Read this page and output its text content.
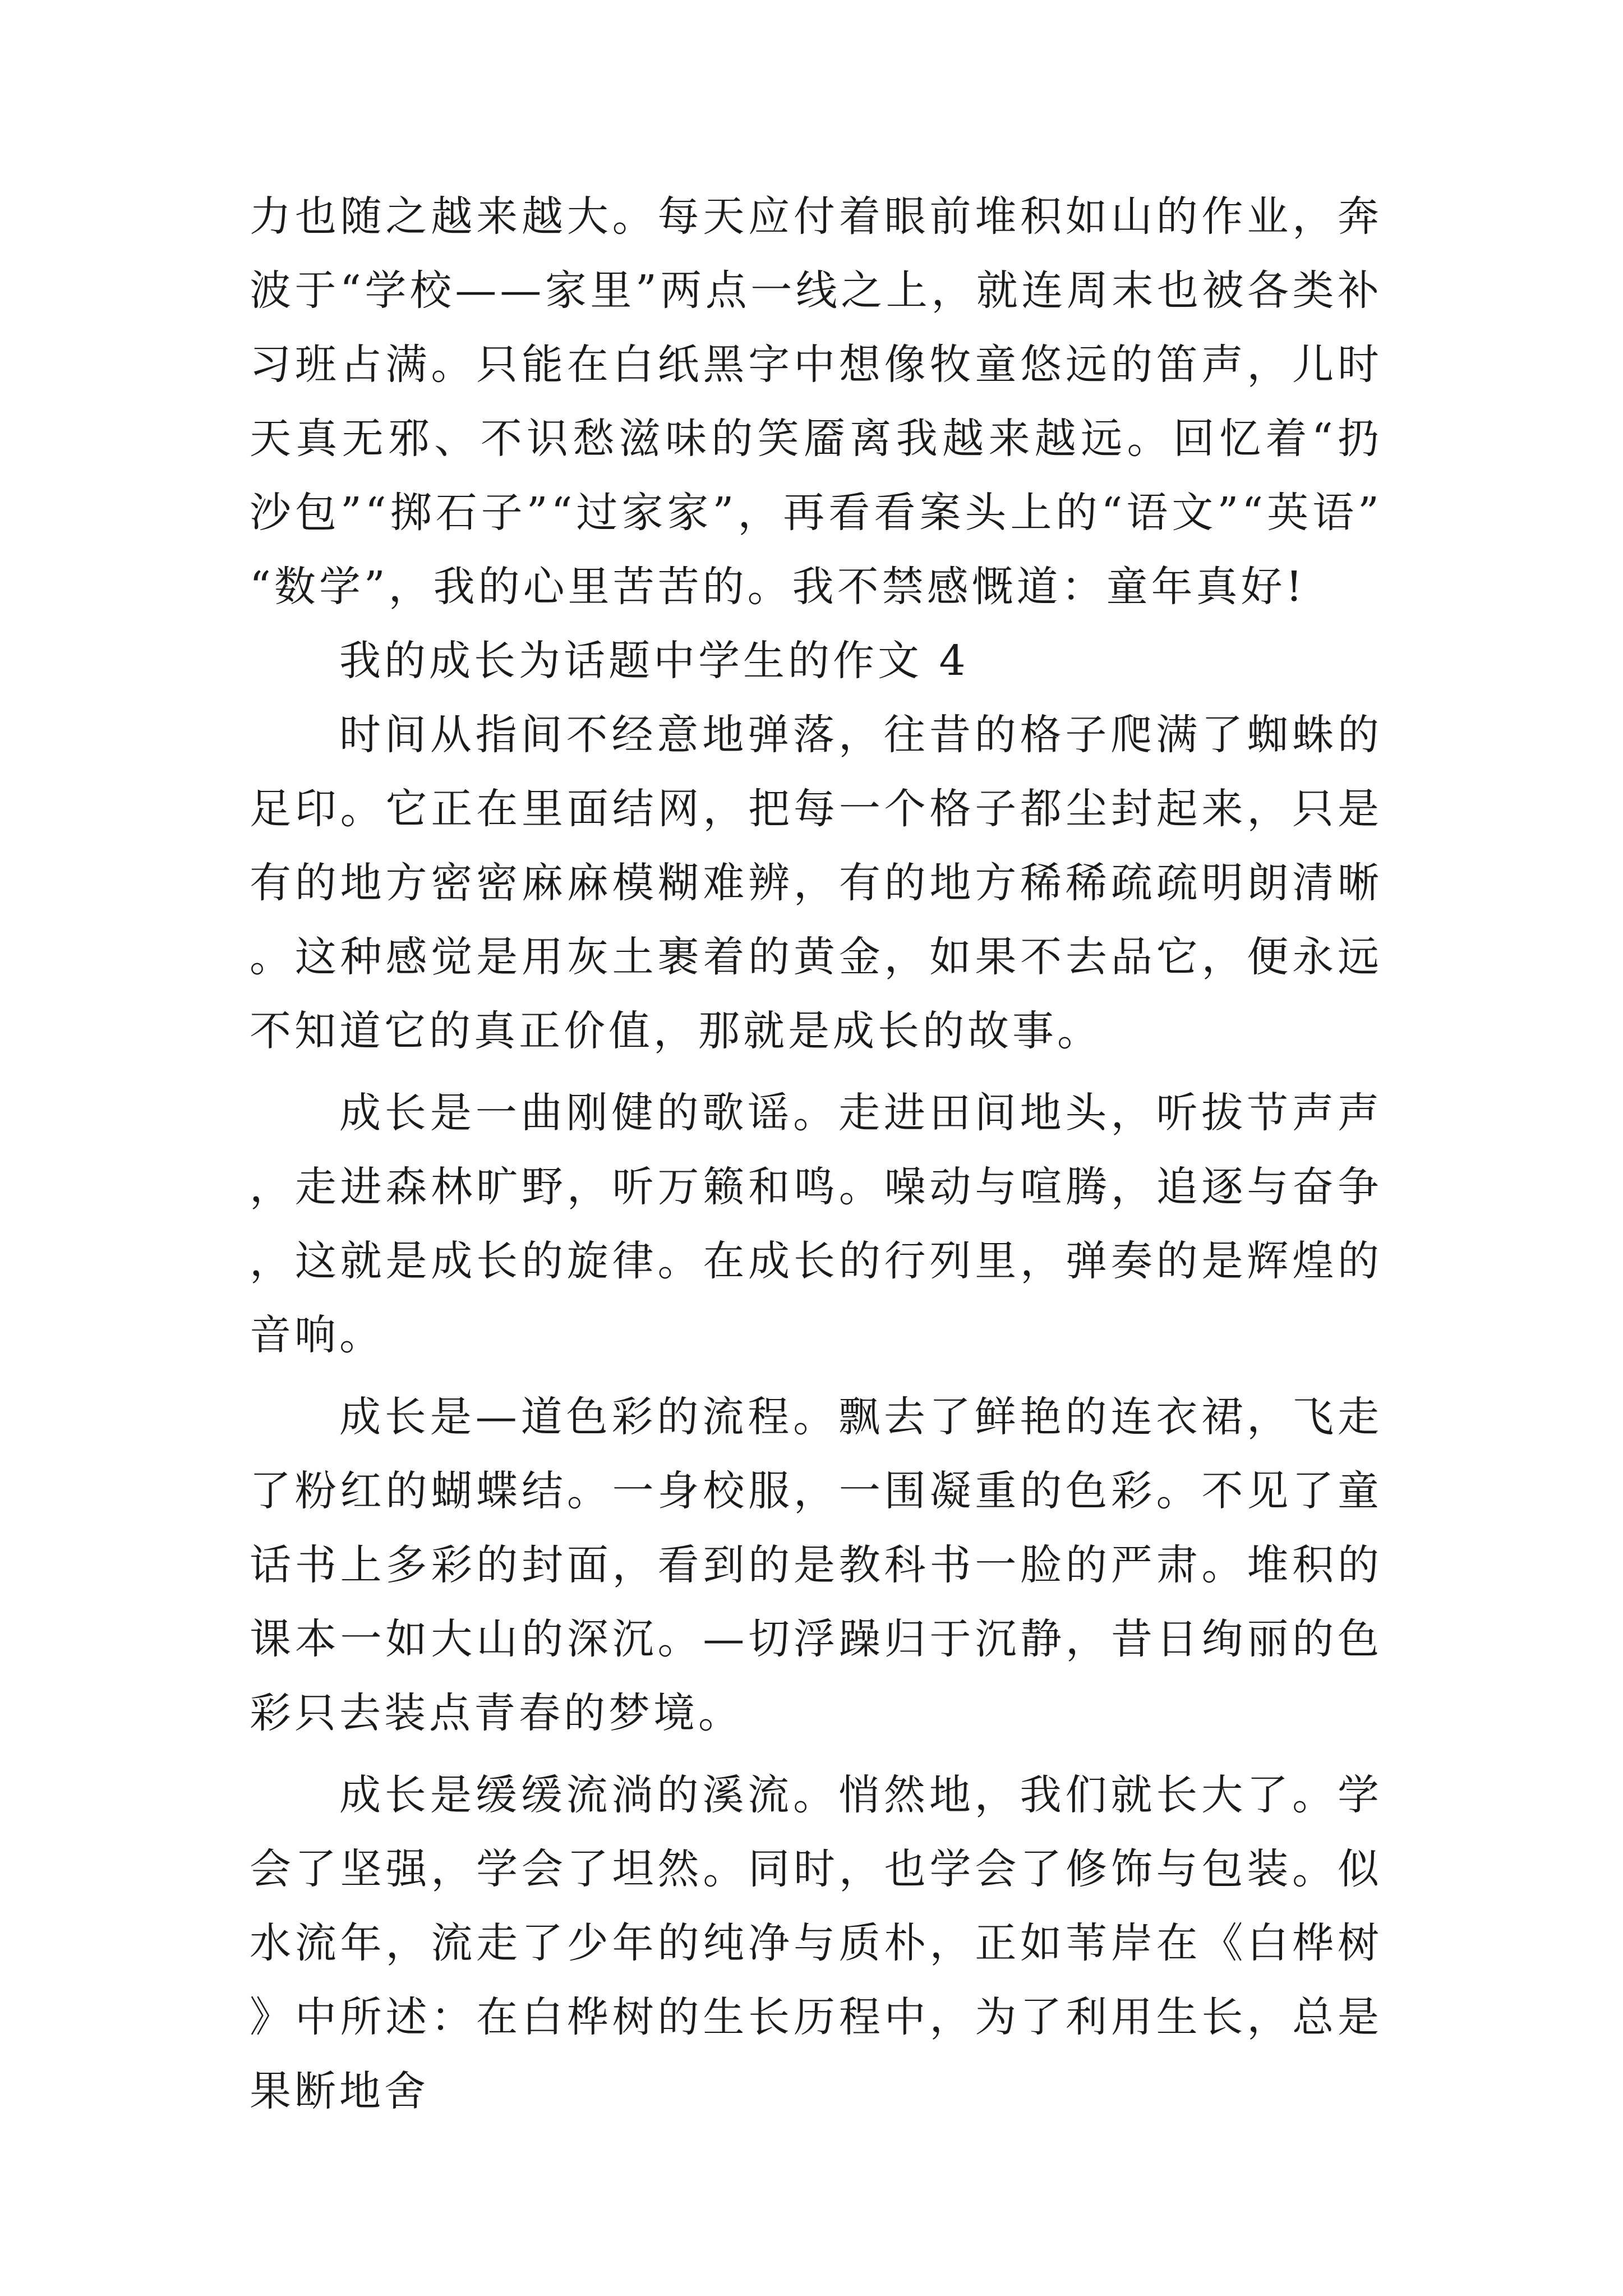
力也随之越来越大。每天应付着眼前堆积如山的作业，奔波于“学校——家里”两点一线之上，就连周末也被各类补习班占满。只能在白纸黑字中想像牧童悠远的笛声，儿时天真无邪、不识愁滋味的笑靥离我越来越远。回忆着“扔沙包”“掷石子”“过家家”，再看看案头上的“语文”“英语”“数学”，我的心里苦苦的。我不禁感慨道：童年真好!

我的成长为话题中学生的作文 4

时间从指间不经意地弹落，往昔的格子爬满了蜘蛛的足印。它正在里面结网，把每一个格子都尘封起来，只是有的地方密密麻麻模糊难辨，有的地方稀稀疏疏明朗清晰。这种感觉是用灰土裹着的黄金，如果不去品它，便永远不知道它的真正价值，那就是成长的故事。

成长是一曲刚健的歌谣。走进田间地头，听拔节声声，走进森林旷野，听万籁和鸣。噪动与喧腾，追逐与奋争，这就是成长的旋律。在成长的行列里，弹奏的是辉煌的音响。

成长是—道色彩的流程。飘去了鲜艳的连衣裙，飞走了粉红的蝴蝶结。一身校服，一围凝重的色彩。不见了童话书上多彩的封面，看到的是教科书一脸的严肃。堆积的课本一如大山的深沉。—切浮躁归于沉静，昔日绚丽的色彩只去装点青春的梦境。

成长是缓缓流淌的溪流。悄然地，我们就长大了。学会了坚强，学会了坦然。同时，也学会了修饰与包装。似水流年，流走了少年的纯净与质朴，正如苇岸在《白桦树》中所述：在白桦树的生长历程中，为了利用生长，总是果断地舍
